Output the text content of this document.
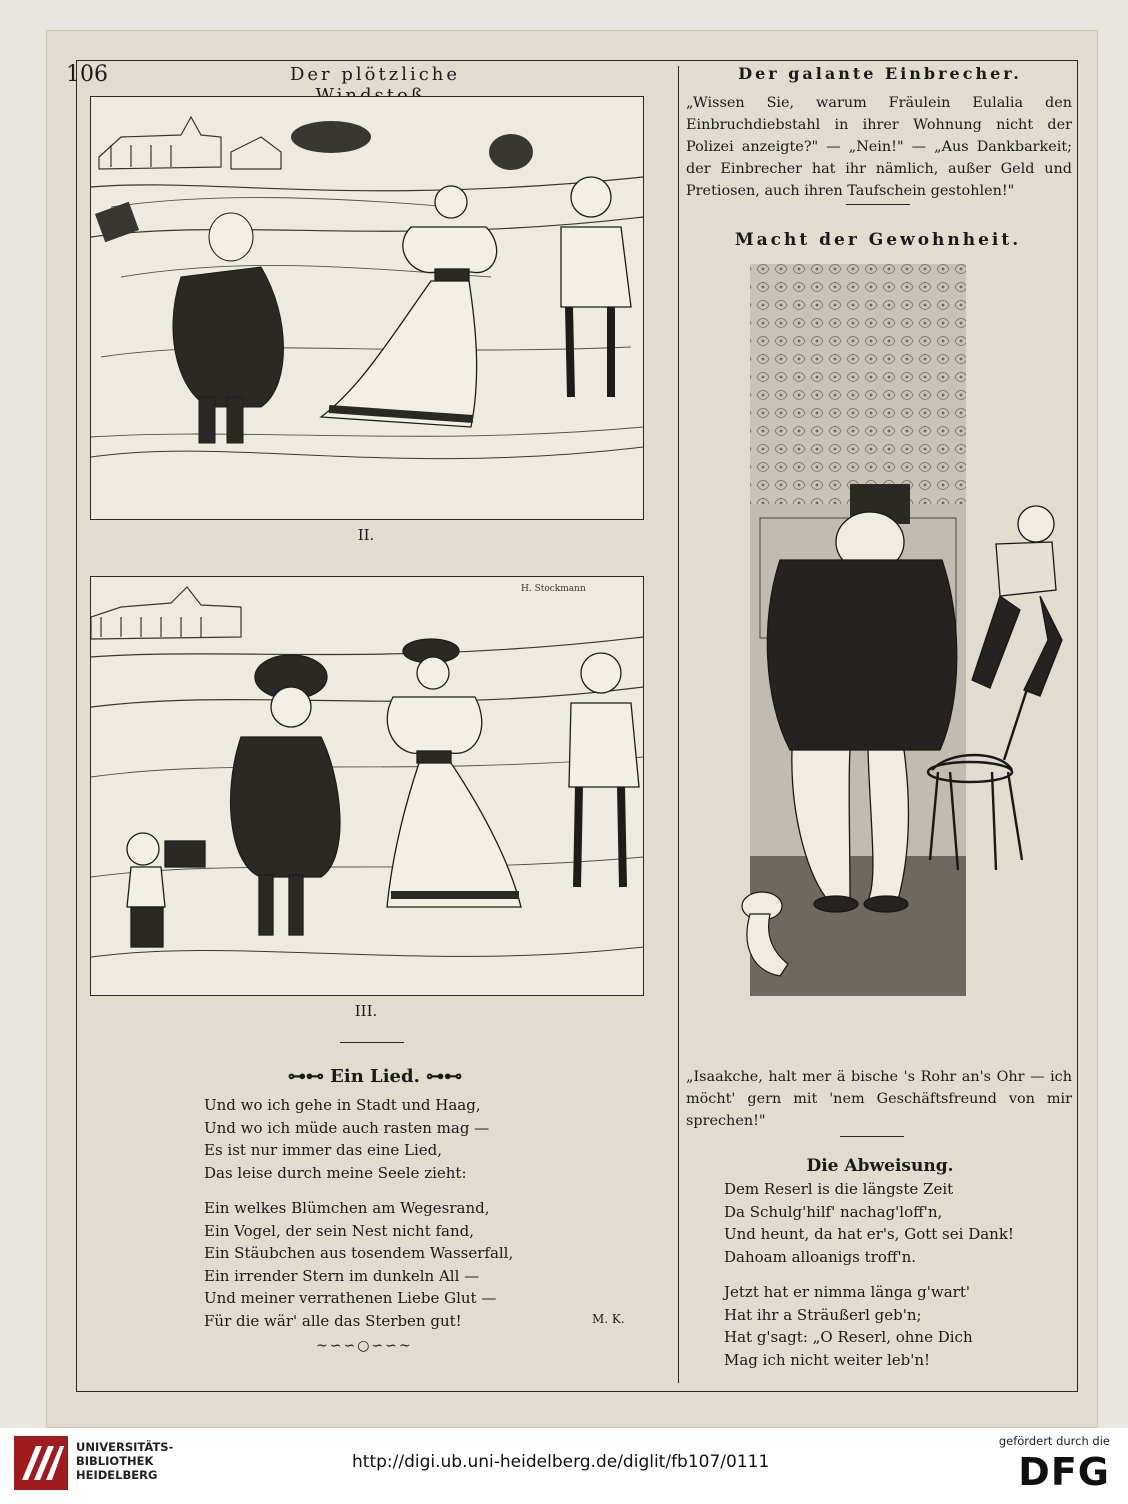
106	Der plötzliche
II.
H. Stockmann
III.
⊶⊷ Ein Lied. ⊶⊷
Und wo ich gehe in Stadt und Haag,
Und wo ich müde auch rasten mag —
Es ist nur immer das eine Lied,
Das leise durch meine Seele zieht:
Ein welkes Blümchen am Wegesrand,
Ein Vogel, der sein Nest nicht fand,
Ein Stäubchen aus tosendem Wasserfall,
Ein irrender Stern im dunkeln All —
Und meiner verrathenen Liebe Glut —
Für die wär' alle das Sterben gut!	M. K.
~∽∽○∽∽~
Der galante Einbrecher.
„Wissen Sie, warum Fräulein Eulalia den Einbruchdiebstahl in ihrer Wohnung nicht der Polizei anzeigte?" — „Nein!" — „Aus Dankbarkeit; der Einbrecher hat ihr nämlich, außer Geld und Pretiosen, auch ihren Taufschein gestohlen!"
Macht der Gewohnheit.
„Isaakche, halt mer ä bische 's Rohr an's Ohr — ich möcht' gern mit 'nem Geschäftsfreund von mir sprechen!"
Die Abweisung.
Dem Reserl is die längste Zeit
Da Schulg'hilf' nachag'loff'n,
Und heunt, da hat er's, Gott sei Dank!
Dahoam alloanigs troff'n.
Jetzt hat er nimma länga g'wart'
Hat ihr a Sträußerl geb'n;
Hat g'sagt: „O Reserl, ohne Dich
Mag ich nicht weiter leb'n!
UNIVERSITÄTS-
BIBLIOTHEK
HEIDELBERG
http://digi.ub.uni-heidelberg.de/diglit/fb107/0111
gefördert durch die
DFG
